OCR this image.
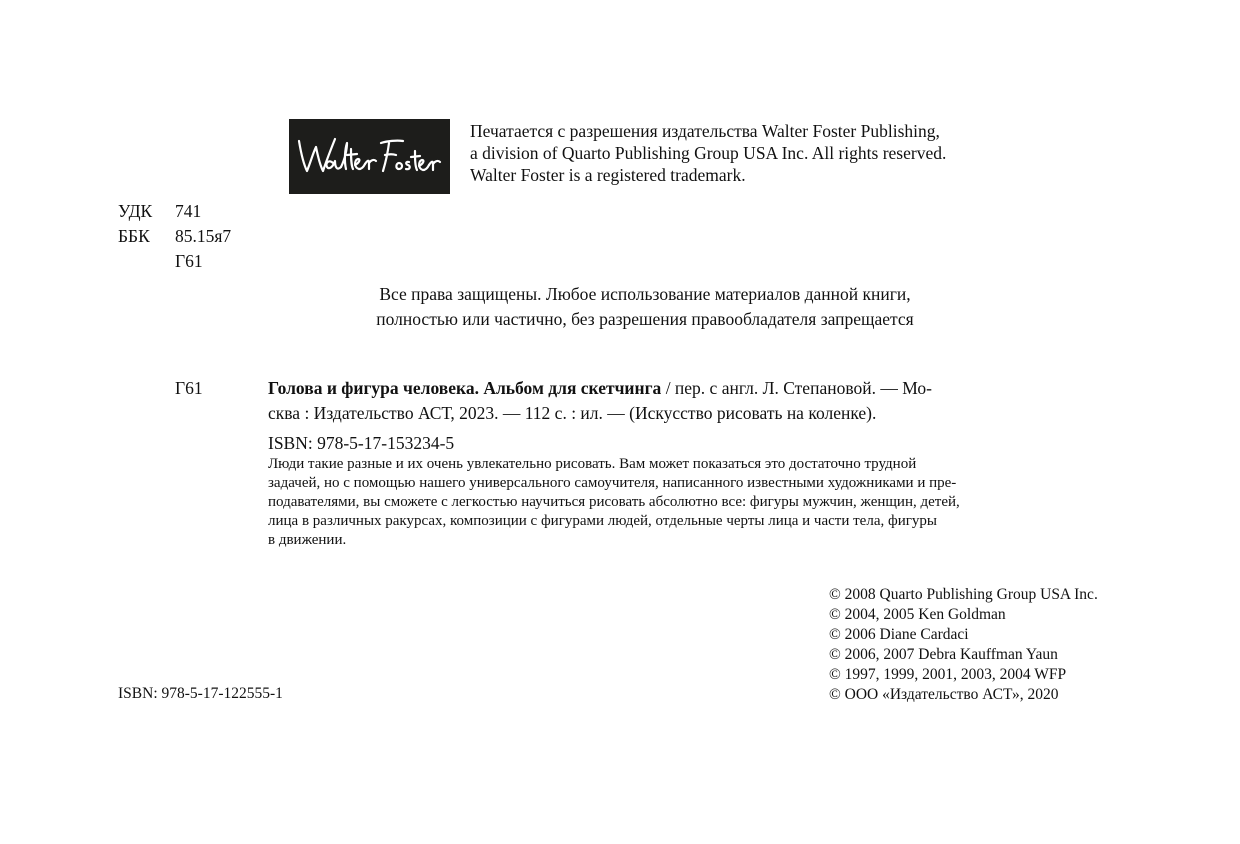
Печатается с разрешения издательства Walter Foster Publishing,
a division of Quarto Publishing Group USA Inc. All rights reserved.
Walter Foster is a registered trademark.
УДК	741
ББК	85.15я7
Г61
Все права защищены. Любое использование материалов данной книги,
полностью или частично, без разрешения правообладателя запрещается
Г61	Голова и фигура человека. Альбом для скетчинга / пер. с англ. Л. Степановой. — Мо-
сква : Издательство АСТ, 2023. — 112 с. : ил. — (Искусство рисовать на коленке).
ISBN: 978-5-17-153234-5
Люди такие разные и их очень увлекательно рисовать. Вам может показаться это достаточно трудной
задачей, но с помощью нашего универсального самоучителя, написанного известными художниками и пре-
подавателями, вы сможете с легкостью научиться рисовать абсолютно все: фигуры мужчин, женщин, детей,
лица в различных ракурсах, композиции с фигурами людей, отдельные черты лица и части тела, фигуры
в движении.
© 2008 Quarto Publishing Group USA Inc.
© 2004, 2005 Ken Goldman
© 2006 Diane Cardaci
© 2006, 2007 Debra Kauffman Yaun
© 1997, 1999, 2001, 2003, 2004 WFP
© ООО «Издательство АСТ», 2020
ISBN: 978-5-17-122555-1
